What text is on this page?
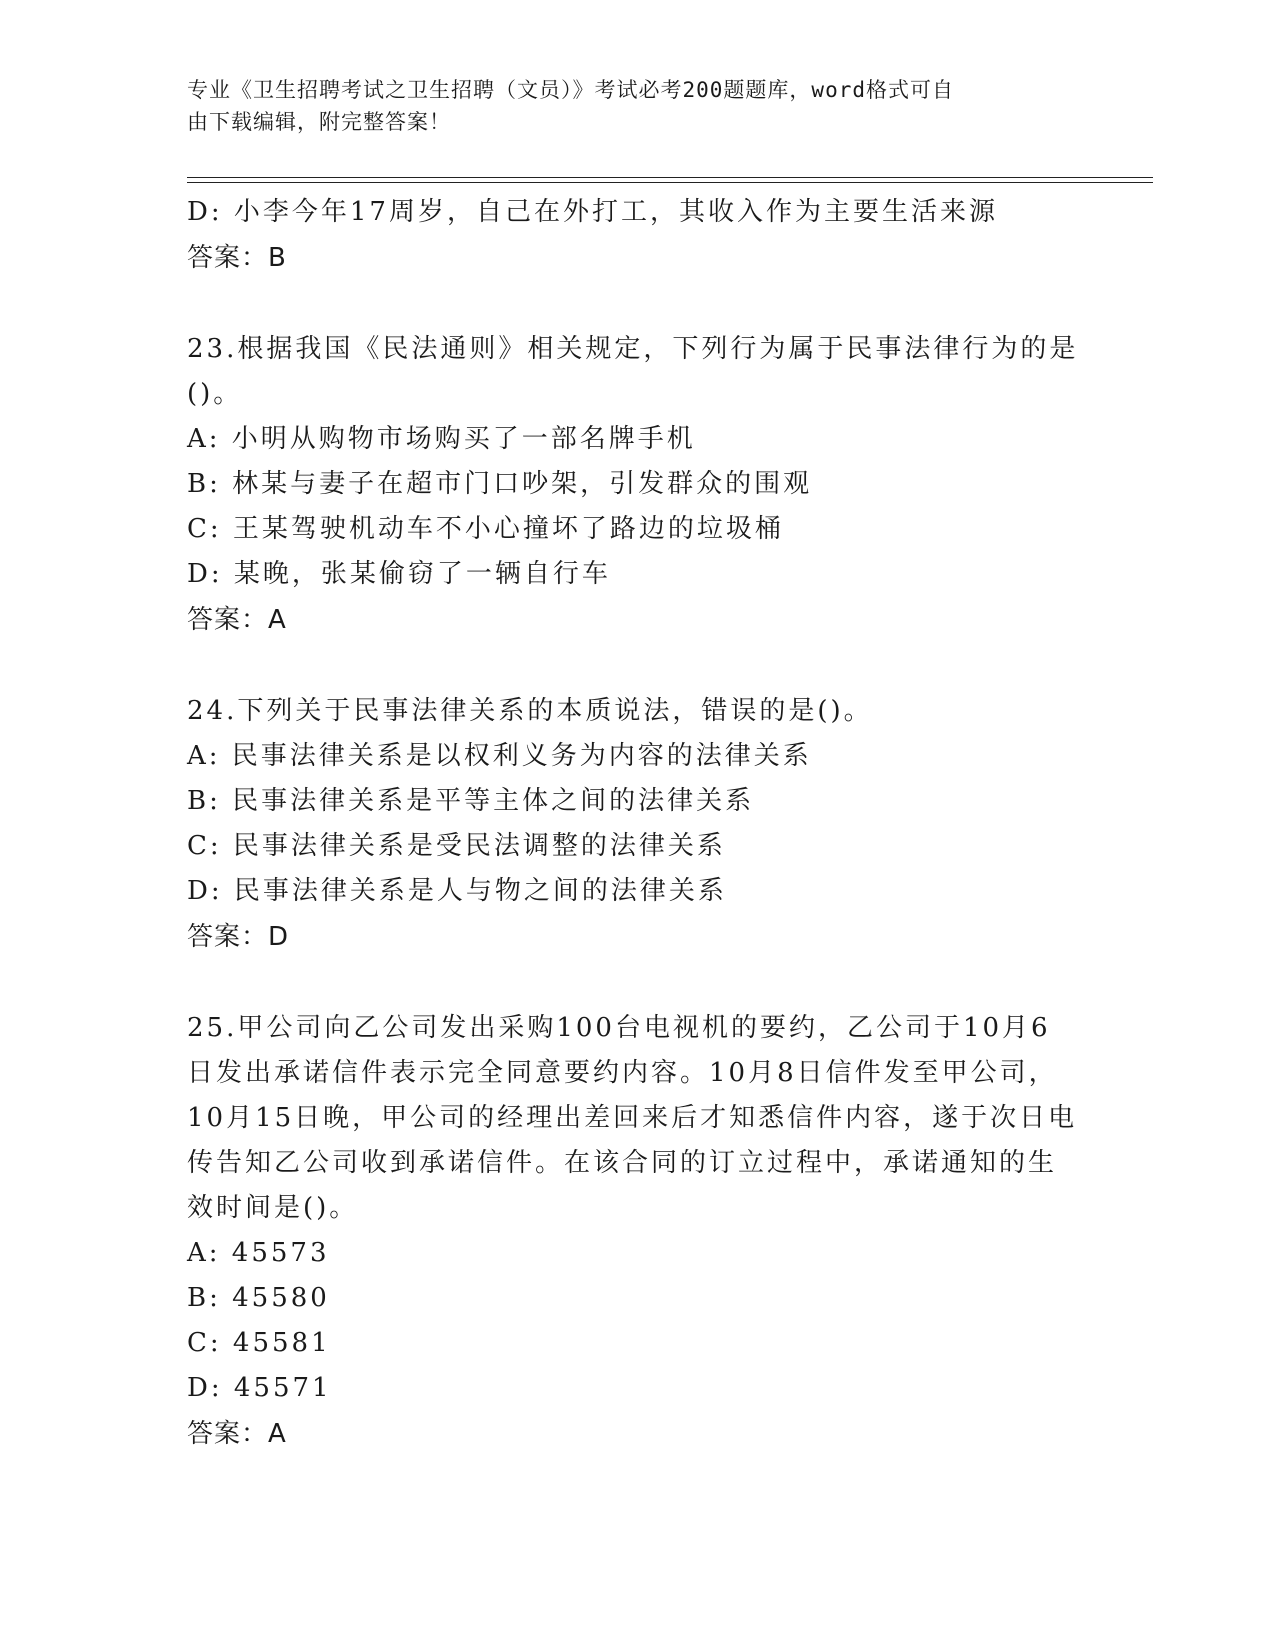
专业《卫生招聘考试之卫生招聘（文员）》考试必考200题题库，word格式可自
由下载编辑，附完整答案！
D: 小李今年17周岁，自己在外打工，其收入作为主要生活来源
答案：B
23.根据我国《民法通则》相关规定，下列行为属于民事法律行为的是
()。
A: 小明从购物市场购买了一部名牌手机
B: 林某与妻子在超市门口吵架，引发群众的围观
C: 王某驾驶机动车不小心撞坏了路边的垃圾桶
D: 某晚，张某偷窃了一辆自行车
答案：A
24.下列关于民事法律关系的本质说法，错误的是()。
A: 民事法律关系是以权利义务为内容的法律关系
B: 民事法律关系是平等主体之间的法律关系
C: 民事法律关系是受民法调整的法律关系
D: 民事法律关系是人与物之间的法律关系
答案：D
25.甲公司向乙公司发出采购100台电视机的要约，乙公司于10月6
日发出承诺信件表示完全同意要约内容。10月8日信件发至甲公司，
10月15日晚，甲公司的经理出差回来后才知悉信件内容，遂于次日电
传告知乙公司收到承诺信件。在该合同的订立过程中，承诺通知的生
效时间是()。
A: 45573
B: 45580
C: 45581
D: 45571
答案：A
